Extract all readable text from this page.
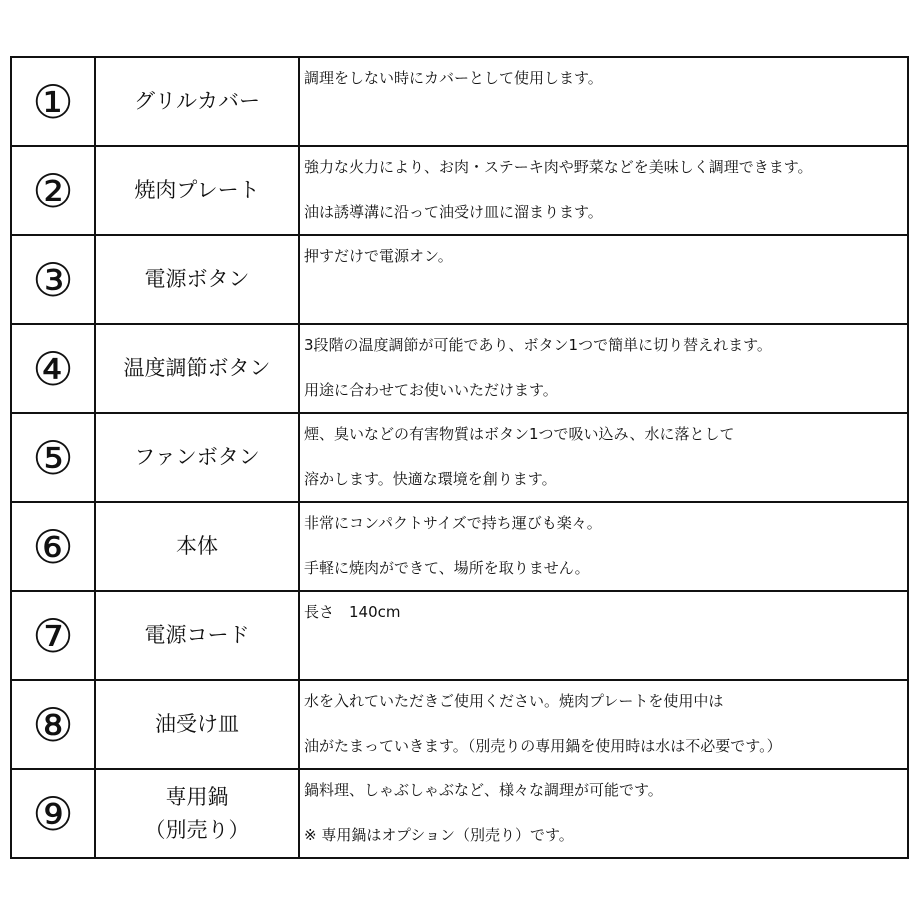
①	グリルカバー	調理をしない時にカバーとして使用します。

②	焼肉プレート	強力な火力により、お肉・ステーキ肉や野菜などを美味しく調理できます。
油は誘導溝に沿って油受け皿に溜まります。

③	電源ボタン	押すだけで電源オン。

④	温度調節ボタン	3段階の温度調節が可能であり、ボタン1つで簡単に切り替えれます。
用途に合わせてお使いいただけます。

⑤	ファンボタン	煙、臭いなどの有害物質はボタン1つで吸い込み、水に落として
溶かします。快適な環境を創ります。

⑥	本体	非常にコンパクトサイズで持ち運びも楽々。
手軽に焼肉ができて、場所を取りません。

⑦	電源コード	長さ　140cm

⑧	油受け皿	水を入れていただきご使用ください。焼肉プレートを使用中は
油がたまっていきます。（別売りの専用鍋を使用時は水は不必要です。）

⑨	専用鍋
（別売り）	鍋料理、しゃぶしゃぶなど、様々な調理が可能です。
※ 専用鍋はオプション（別売り）です。
